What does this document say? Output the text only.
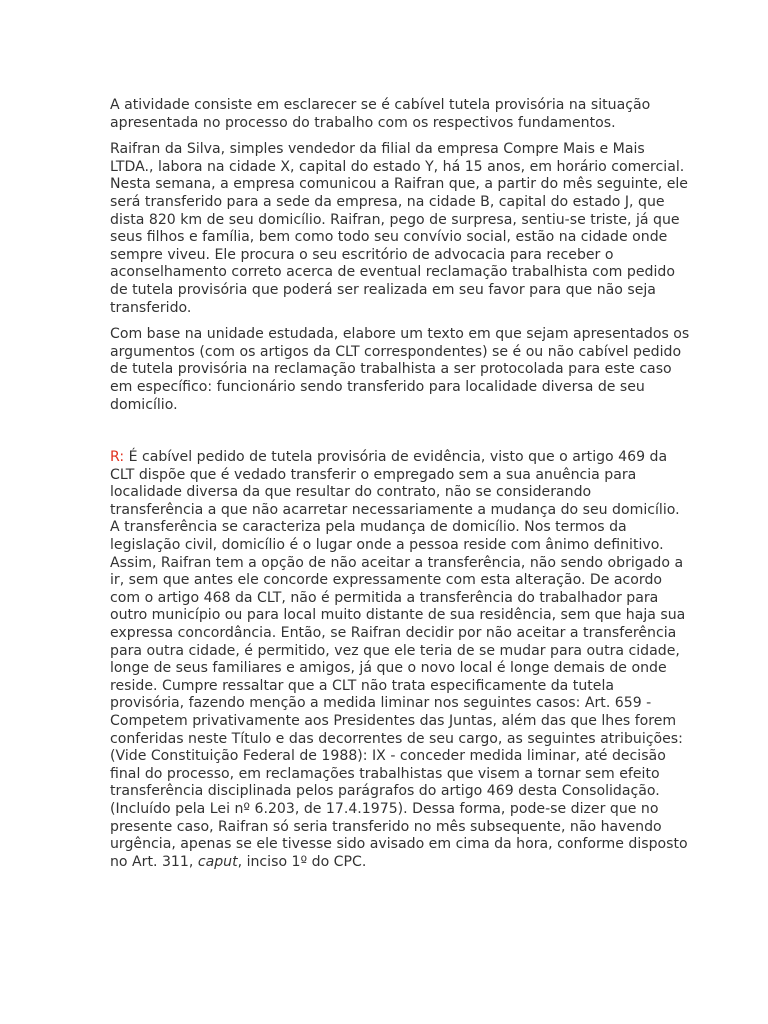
A atividade consiste em esclarecer se é cabível tutela provisória na situação
apresentada no processo do trabalho com os respectivos fundamentos.
Raifran da Silva, simples vendedor da filial da empresa Compre Mais e Mais
LTDA., labora na cidade X, capital do estado Y, há 15 anos, em horário comercial.
Nesta semana, a empresa comunicou a Raifran que, a partir do mês seguinte, ele
será transferido para a sede da empresa, na cidade B, capital do estado J, que
dista 820 km de seu domicílio. Raifran, pego de surpresa, sentiu-se triste, já que
seus filhos e família, bem como todo seu convívio social, estão na cidade onde
sempre viveu. Ele procura o seu escritório de advocacia para receber o
aconselhamento correto acerca de eventual reclamação trabalhista com pedido
de tutela provisória que poderá ser realizada em seu favor para que não seja
transferido.
Com base na unidade estudada, elabore um texto em que sejam apresentados os
argumentos (com os artigos da CLT correspondentes) se é ou não cabível pedido
de tutela provisória na reclamação trabalhista a ser protocolada para este caso
em específico: funcionário sendo transferido para localidade diversa de seu
domicílio.
R: É cabível pedido de tutela provisória de evidência, visto que o artigo 469 da
CLT dispõe que é vedado transferir o empregado sem a sua anuência para
localidade diversa da que resultar do contrato, não se considerando
transferência a que não acarretar necessariamente a mudança do seu domicílio.
A transferência se caracteriza pela mudança de domicílio. Nos termos da
legislação civil, domicílio é o lugar onde a pessoa reside com ânimo definitivo.
Assim, Raifran tem a opção de não aceitar a transferência, não sendo obrigado a
ir, sem que antes ele concorde expressamente com esta alteração. De acordo
com o artigo 468 da CLT, não é permitida a transferência do trabalhador para
outro município ou para local muito distante de sua residência, sem que haja sua
expressa concordância. Então, se Raifran decidir por não aceitar a transferência
para outra cidade, é permitido, vez que ele teria de se mudar para outra cidade,
longe de seus familiares e amigos, já que o novo local é longe demais de onde
reside. Cumpre ressaltar que a CLT não trata especificamente da tutela
provisória, fazendo menção a medida liminar nos seguintes casos: Art. 659 -
Competem privativamente aos Presidentes das Juntas, além das que lhes forem
conferidas neste Título e das decorrentes de seu cargo, as seguintes atribuições:
(Vide Constituição Federal de 1988): IX - conceder medida liminar, até decisão
final do processo, em reclamações trabalhistas que visem a tornar sem efeito
transferência disciplinada pelos parágrafos do artigo 469 desta Consolidação.
(Incluído pela Lei nº 6.203, de 17.4.1975). Dessa forma, pode-se dizer que no
presente caso, Raifran só seria transferido no mês subsequente, não havendo
urgência, apenas se ele tivesse sido avisado em cima da hora, conforme disposto
no Art. 311, caput, inciso 1º do CPC.
